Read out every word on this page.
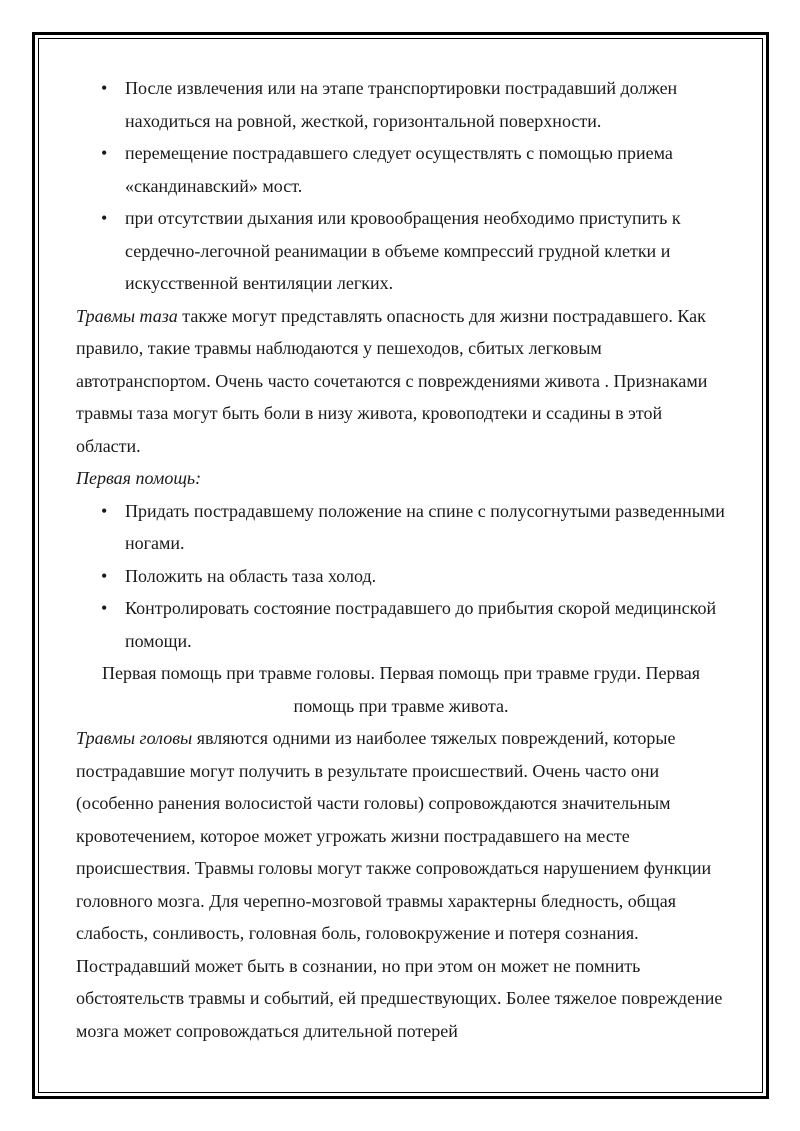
• После извлечения или на этапе транспортировки пострадавший должен находиться на ровной, жесткой, горизонтальной поверхности.
• перемещение пострадавшего следует осуществлять с помощью приема «скандинавский» мост.
• при отсутствии дыхания или кровообращения необходимо приступить к сердечно-легочной реанимации в объеме компрессий грудной клетки и искусственной вентиляции легких.

Травмы таза также могут представлять опасность для жизни пострадавшего. Как правило, такие травмы наблюдаются у пешеходов, сбитых легковым автотранспортом. Очень часто сочетаются с повреждениями живота . Признаками травмы таза могут быть боли в низу живота, кровоподтеки и ссадины в этой области.

Первая помощь:

• Придать пострадавшему положение на спине с полусогнутыми разведенными ногами.
• Положить на область таза холод.
• Контролировать состояние пострадавшего до прибытия скорой медицинской помощи.

Первая помощь при травме головы. Первая помощь при травме груди. Первая помощь при травме живота.

Травмы головы являются одними из наиболее тяжелых повреждений, которые пострадавшие могут получить в результате происшествий. Очень часто они (особенно ранения волосистой части головы) сопровождаются значительным кровотечением, которое может угрожать жизни пострадавшего на месте происшествия. Травмы головы могут также сопровождаться нарушением функции головного мозга. Для черепно-мозговой травмы характерны бледность, общая слабость, сонливость, головная боль, головокружение и потеря сознания. Пострадавший может быть в сознании, но при этом он может не помнить обстоятельств травмы и событий, ей предшествующих. Более тяжелое повреждение мозга может сопровождаться длительной потерей
